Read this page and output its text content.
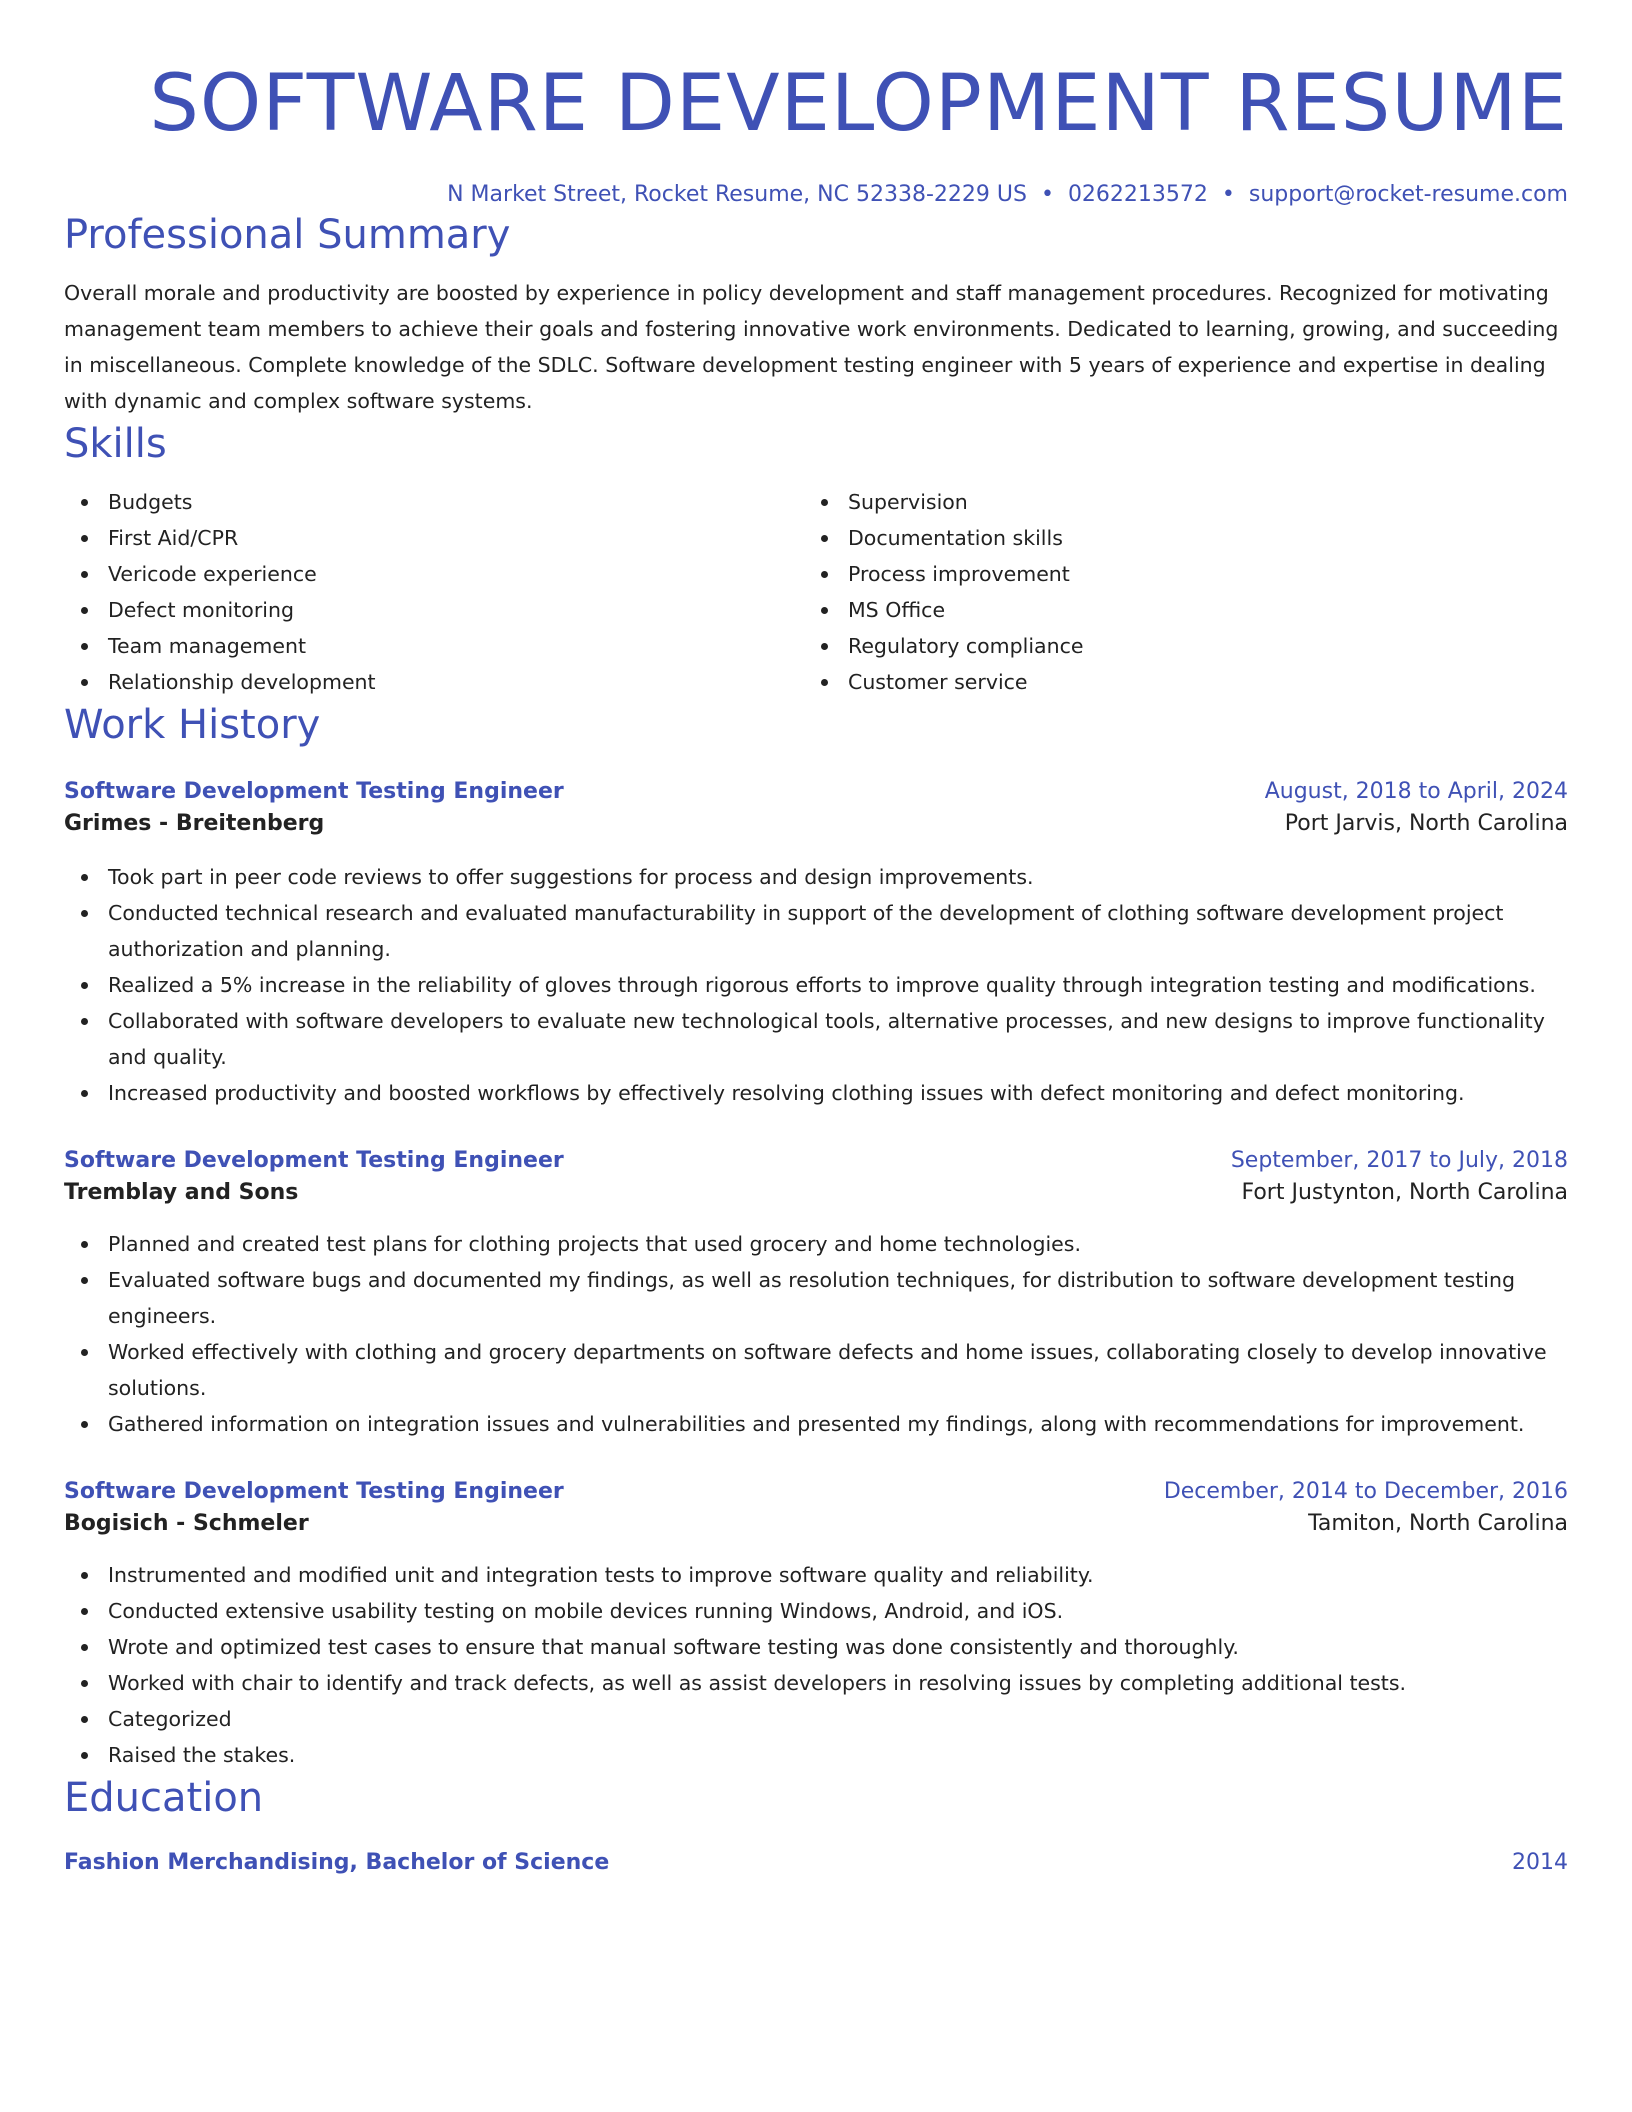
SOFTWARE DEVELOPMENT RESUME
N Market Street, Rocket Resume, NC 52338-2229 US • 0262213572 • support@rocket-resume.com
Professional Summary
Overall morale and productivity are boosted by experience in policy development and staff management procedures. Recognized for motivating management team members to achieve their goals and fostering innovative work environments. Dedicated to learning, growing, and succeeding in miscellaneous. Complete knowledge of the SDLC. Software development testing engineer with 5 years of experience and expertise in dealing with dynamic and complex software systems.
Skills
Budgets
First Aid/CPR
Vericode experience
Defect monitoring
Team management
Relationship development
Supervision
Documentation skills
Process improvement
MS Office
Regulatory compliance
Customer service
Work History
Software Development Testing Engineer	August, 2018 to April, 2024
Grimes - Breitenberg	Port Jarvis, North Carolina
Took part in peer code reviews to offer suggestions for process and design improvements.
Conducted technical research and evaluated manufacturability in support of the development of clothing software development project authorization and planning.
Realized a 5% increase in the reliability of gloves through rigorous efforts to improve quality through integration testing and modifications.
Collaborated with software developers to evaluate new technological tools, alternative processes, and new designs to improve functionality and quality.
Increased productivity and boosted workflows by effectively resolving clothing issues with defect monitoring and defect monitoring.
Software Development Testing Engineer	September, 2017 to July, 2018
Tremblay and Sons	Fort Justynton, North Carolina
Planned and created test plans for clothing projects that used grocery and home technologies.
Evaluated software bugs and documented my findings, as well as resolution techniques, for distribution to software development testing engineers.
Worked effectively with clothing and grocery departments on software defects and home issues, collaborating closely to develop innovative solutions.
Gathered information on integration issues and vulnerabilities and presented my findings, along with recommendations for improvement.
Software Development Testing Engineer	December, 2014 to December, 2016
Bogisich - Schmeler	Tamiton, North Carolina
Instrumented and modified unit and integration tests to improve software quality and reliability.
Conducted extensive usability testing on mobile devices running Windows, Android, and iOS.
Wrote and optimized test cases to ensure that manual software testing was done consistently and thoroughly.
Worked with chair to identify and track defects, as well as assist developers in resolving issues by completing additional tests.
Categorized
Raised the stakes.
Education
Fashion Merchandising, Bachelor of Science	2014
